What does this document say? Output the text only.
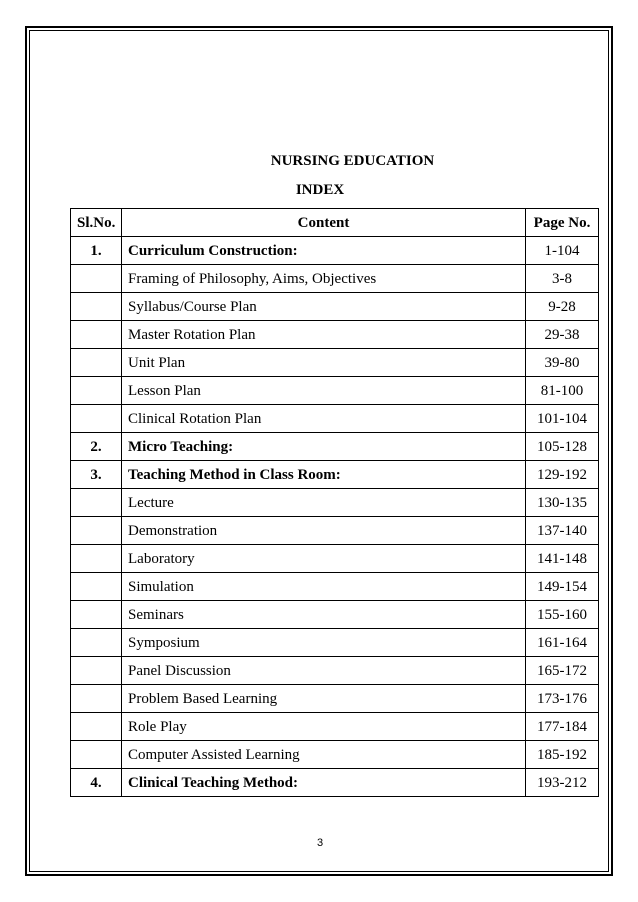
NURSING EDUCATION
INDEX
Sl.No.	Content	Page No.
1.	Curriculum Construction:	1-104
	Framing of Philosophy, Aims, Objectives	3-8
	Syllabus/Course Plan	9-28
	Master Rotation Plan	29-38
	Unit Plan	39-80
	Lesson Plan	81-100
	Clinical Rotation Plan	101-104
2.	Micro Teaching:	105-128
3.	Teaching Method in Class Room:	129-192
	Lecture	130-135
	Demonstration	137-140
	Laboratory	141-148
	Simulation	149-154
	Seminars	155-160
	Symposium	161-164
	Panel Discussion	165-172
	Problem Based Learning	173-176
	Role Play	177-184
	Computer Assisted Learning	185-192
4.	Clinical Teaching Method:	193-212
3
